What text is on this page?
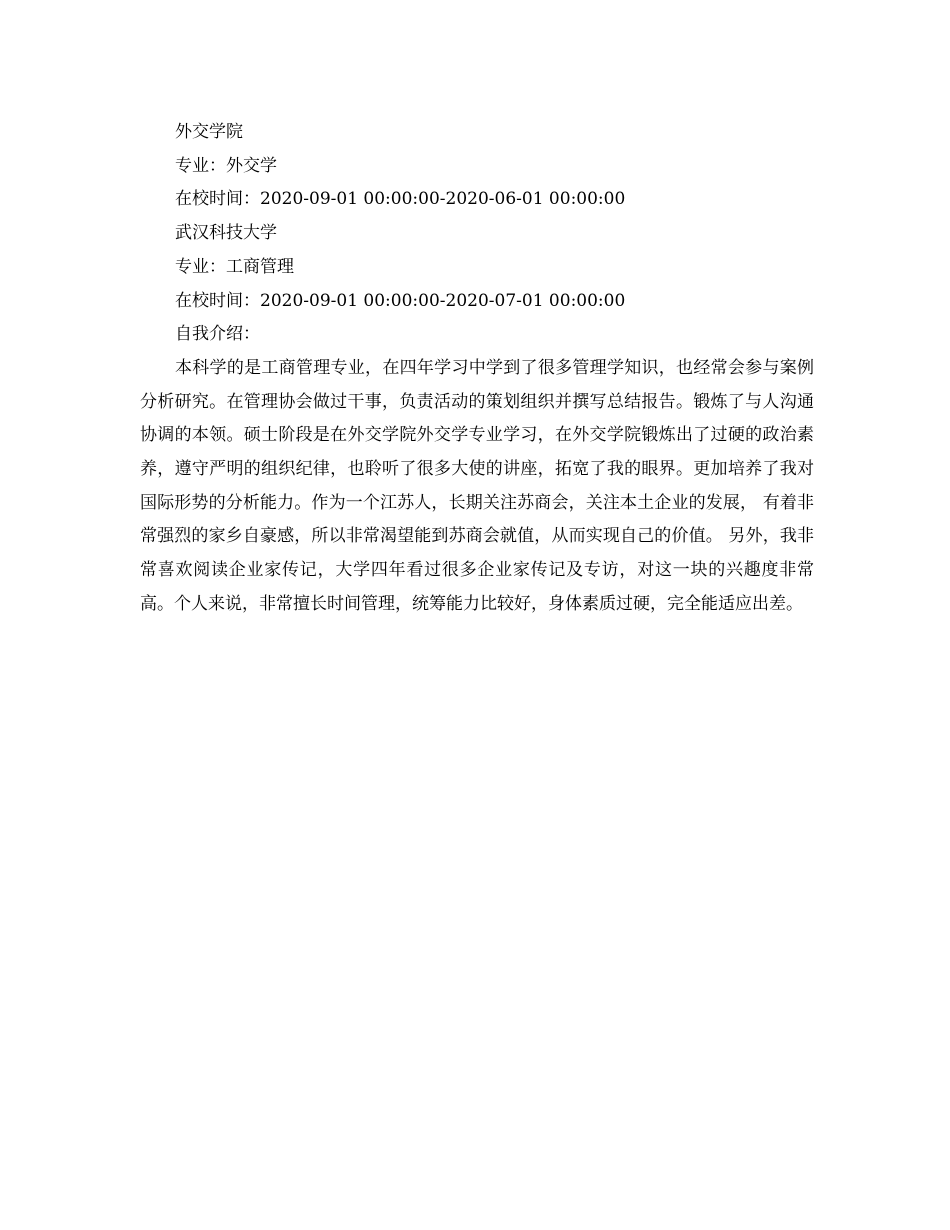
外交学院
专业：外交学
在校时间：2020-09-01 00:00:00-2020-06-01 00:00:00
武汉科技大学
专业：工商管理
在校时间：2020-09-01 00:00:00-2020-07-01 00:00:00
自我介绍：

本科学的是工商管理专业，在四年学习中学到了很多管理学知识，也经常会参与案例分析研究。在管理协会做过干事，负责活动的策划组织并撰写总结报告。锻炼了与人沟通协调的本领。硕士阶段是在外交学院外交学专业学习，在外交学院锻炼出了过硬的政治素养，遵守严明的组织纪律，也聆听了很多大使的讲座，拓宽了我的眼界。更加培养了我对国际形势的分析能力。作为一个江苏人，长期关注苏商会，关注本土企业的发展， 有着非常强烈的家乡自豪感，所以非常渴望能到苏商会就值，从而实现自己的价值。 另外，我非常喜欢阅读企业家传记，大学四年看过很多企业家传记及专访，对这一块的兴趣度非常高。个人来说，非常擅长时间管理，统筹能力比较好，身体素质过硬，完全能适应出差。
